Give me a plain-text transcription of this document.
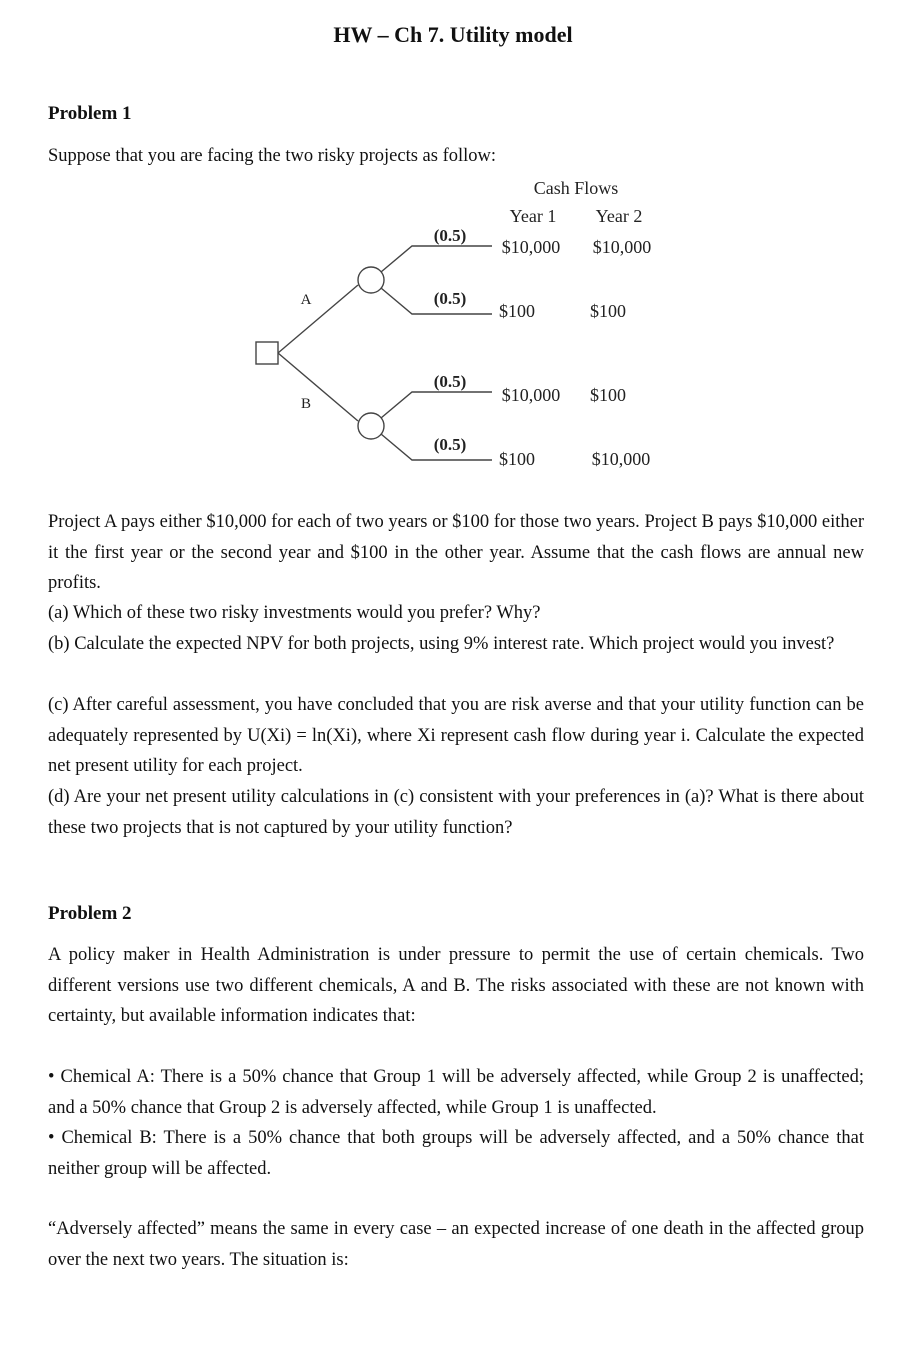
HW – Ch 7. Utility model
Problem 1
Suppose that you are facing the two risky projects as follow:
Cash Flows
Year 1 Year 2
A
B
(0.5)
(0.5)
(0.5)
(0.5)
$10,000 $10,000
$100	$100
$10,000 $100
$100	$10,000
Project A pays either $10,000 for each of two years or $100 for those two years. Project B pays $10,000 either it the first year or the second year and $100 in the other year. Assume that the cash flows are annual new profits.
(a) Which of these two risky investments would you prefer? Why?
(b) Calculate the expected NPV for both projects, using 9% interest rate. Which project would you invest?
(c) After careful assessment, you have concluded that you are risk averse and that your utility function can be adequately represented by U(Xi) = ln(Xi), where Xi represent cash flow during year i. Calculate the expected net present utility for each project.
(d) Are your net present utility calculations in (c) consistent with your preferences in (a)? What is there about these two projects that is not captured by your utility function?
Problem 2
A policy maker in Health Administration is under pressure to permit the use of certain chemicals. Two different versions use two different chemicals, A and B. The risks associated with these are not known with certainty, but available information indicates that:
• Chemical A: There is a 50% chance that Group 1 will be adversely affected, while Group 2 is unaffected; and a 50% chance that Group 2 is adversely affected, while Group 1 is unaffected.
• Chemical B: There is a 50% chance that both groups will be adversely affected, and a 50% chance that neither group will be affected.
“Adversely affected” means the same in every case – an expected increase of one death in the affected group over the next two years. The situation is:
